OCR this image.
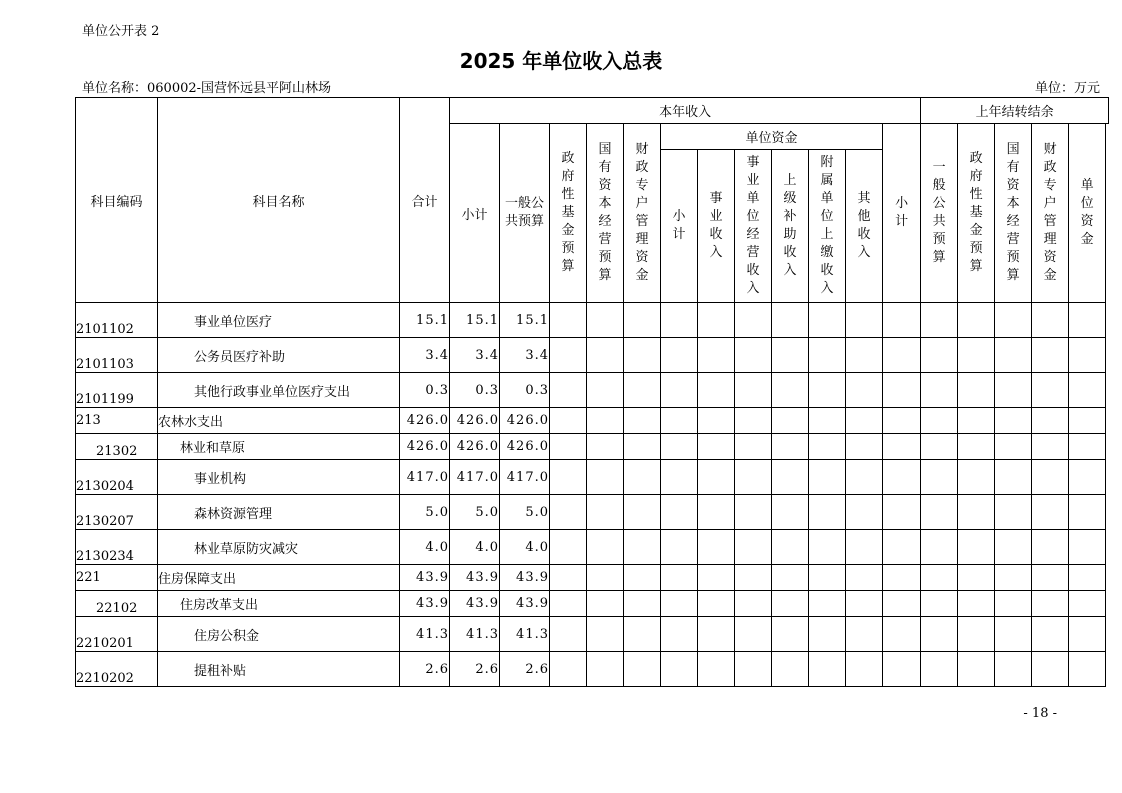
单位公开表 2
2025 年单位收入总表
单位名称：060002-国营怀远县平阿山林场	单位：万元
科目编码	科目名称	合计	本年收入												上年结转结余				
			小计	一般公共预算	政府性基金预算	国有资本经营预算	财政专户管理资金	单位资金						小计	一般公共预算	政府性基金预算	国有资本经营预算	财政专户管理资金	单位资金
								小计	事业收入	事业单位经营收入	上级补助收入	附属单位上缴收入	其他收入						
2101102	事业单位医疗	15.1	15.1	15.1															
2101103	公务员医疗补助	3.4	3.4	3.4															
2101199	其他行政事业单位医疗支出	0.3	0.3	0.3															
213	农林水支出	426.0	426.0	426.0															
21302	林业和草原	426.0	426.0	426.0															
2130204	事业机构	417.0	417.0	417.0															
2130207	森林资源管理	5.0	5.0	5.0															
2130234	林业草原防灾减灾	4.0	4.0	4.0															
221	住房保障支出	43.9	43.9	43.9															
22102	住房改革支出	43.9	43.9	43.9															
2210201	住房公积金	41.3	41.3	41.3															
2210202	提租补贴	2.6	2.6	2.6															
- 18 -
